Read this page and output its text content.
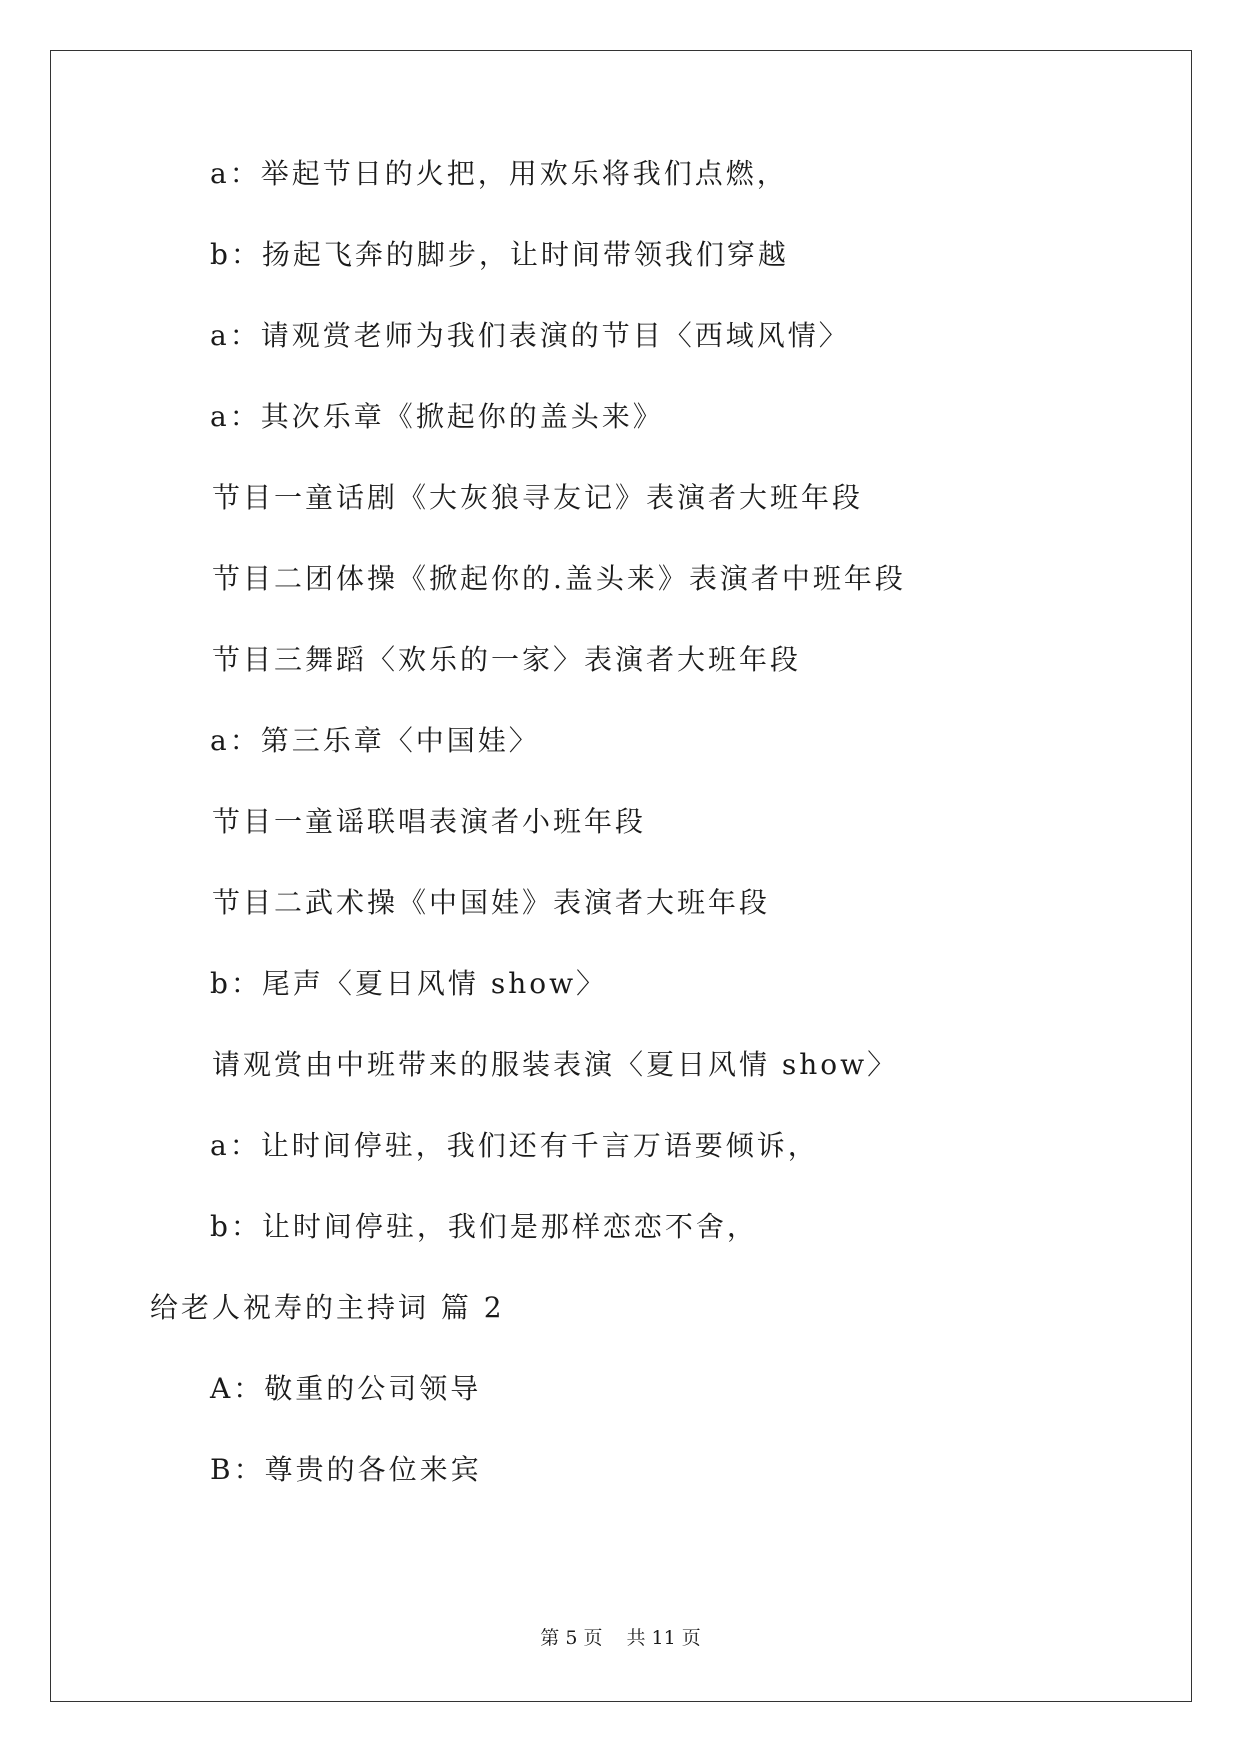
a：举起节日的火把，用欢乐将我们点燃，
b：扬起飞奔的脚步，让时间带领我们穿越
a：请观赏老师为我们表演的节目〈西域风情〉
a：其次乐章《掀起你的盖头来》
节目一童话剧《大灰狼寻友记》表演者大班年段
节目二团体操《掀起你的.盖头来》表演者中班年段
节目三舞蹈〈欢乐的一家〉表演者大班年段
a：第三乐章〈中国娃〉
节目一童谣联唱表演者小班年段
节目二武术操《中国娃》表演者大班年段
b：尾声〈夏日风情 show〉
请观赏由中班带来的服装表演〈夏日风情 show〉
a：让时间停驻，我们还有千言万语要倾诉，
b：让时间停驻，我们是那样恋恋不舍，
给老人祝寿的主持词 篇 2
A：敬重的公司领导
B：尊贵的各位来宾
第 5 页 共 11 页
